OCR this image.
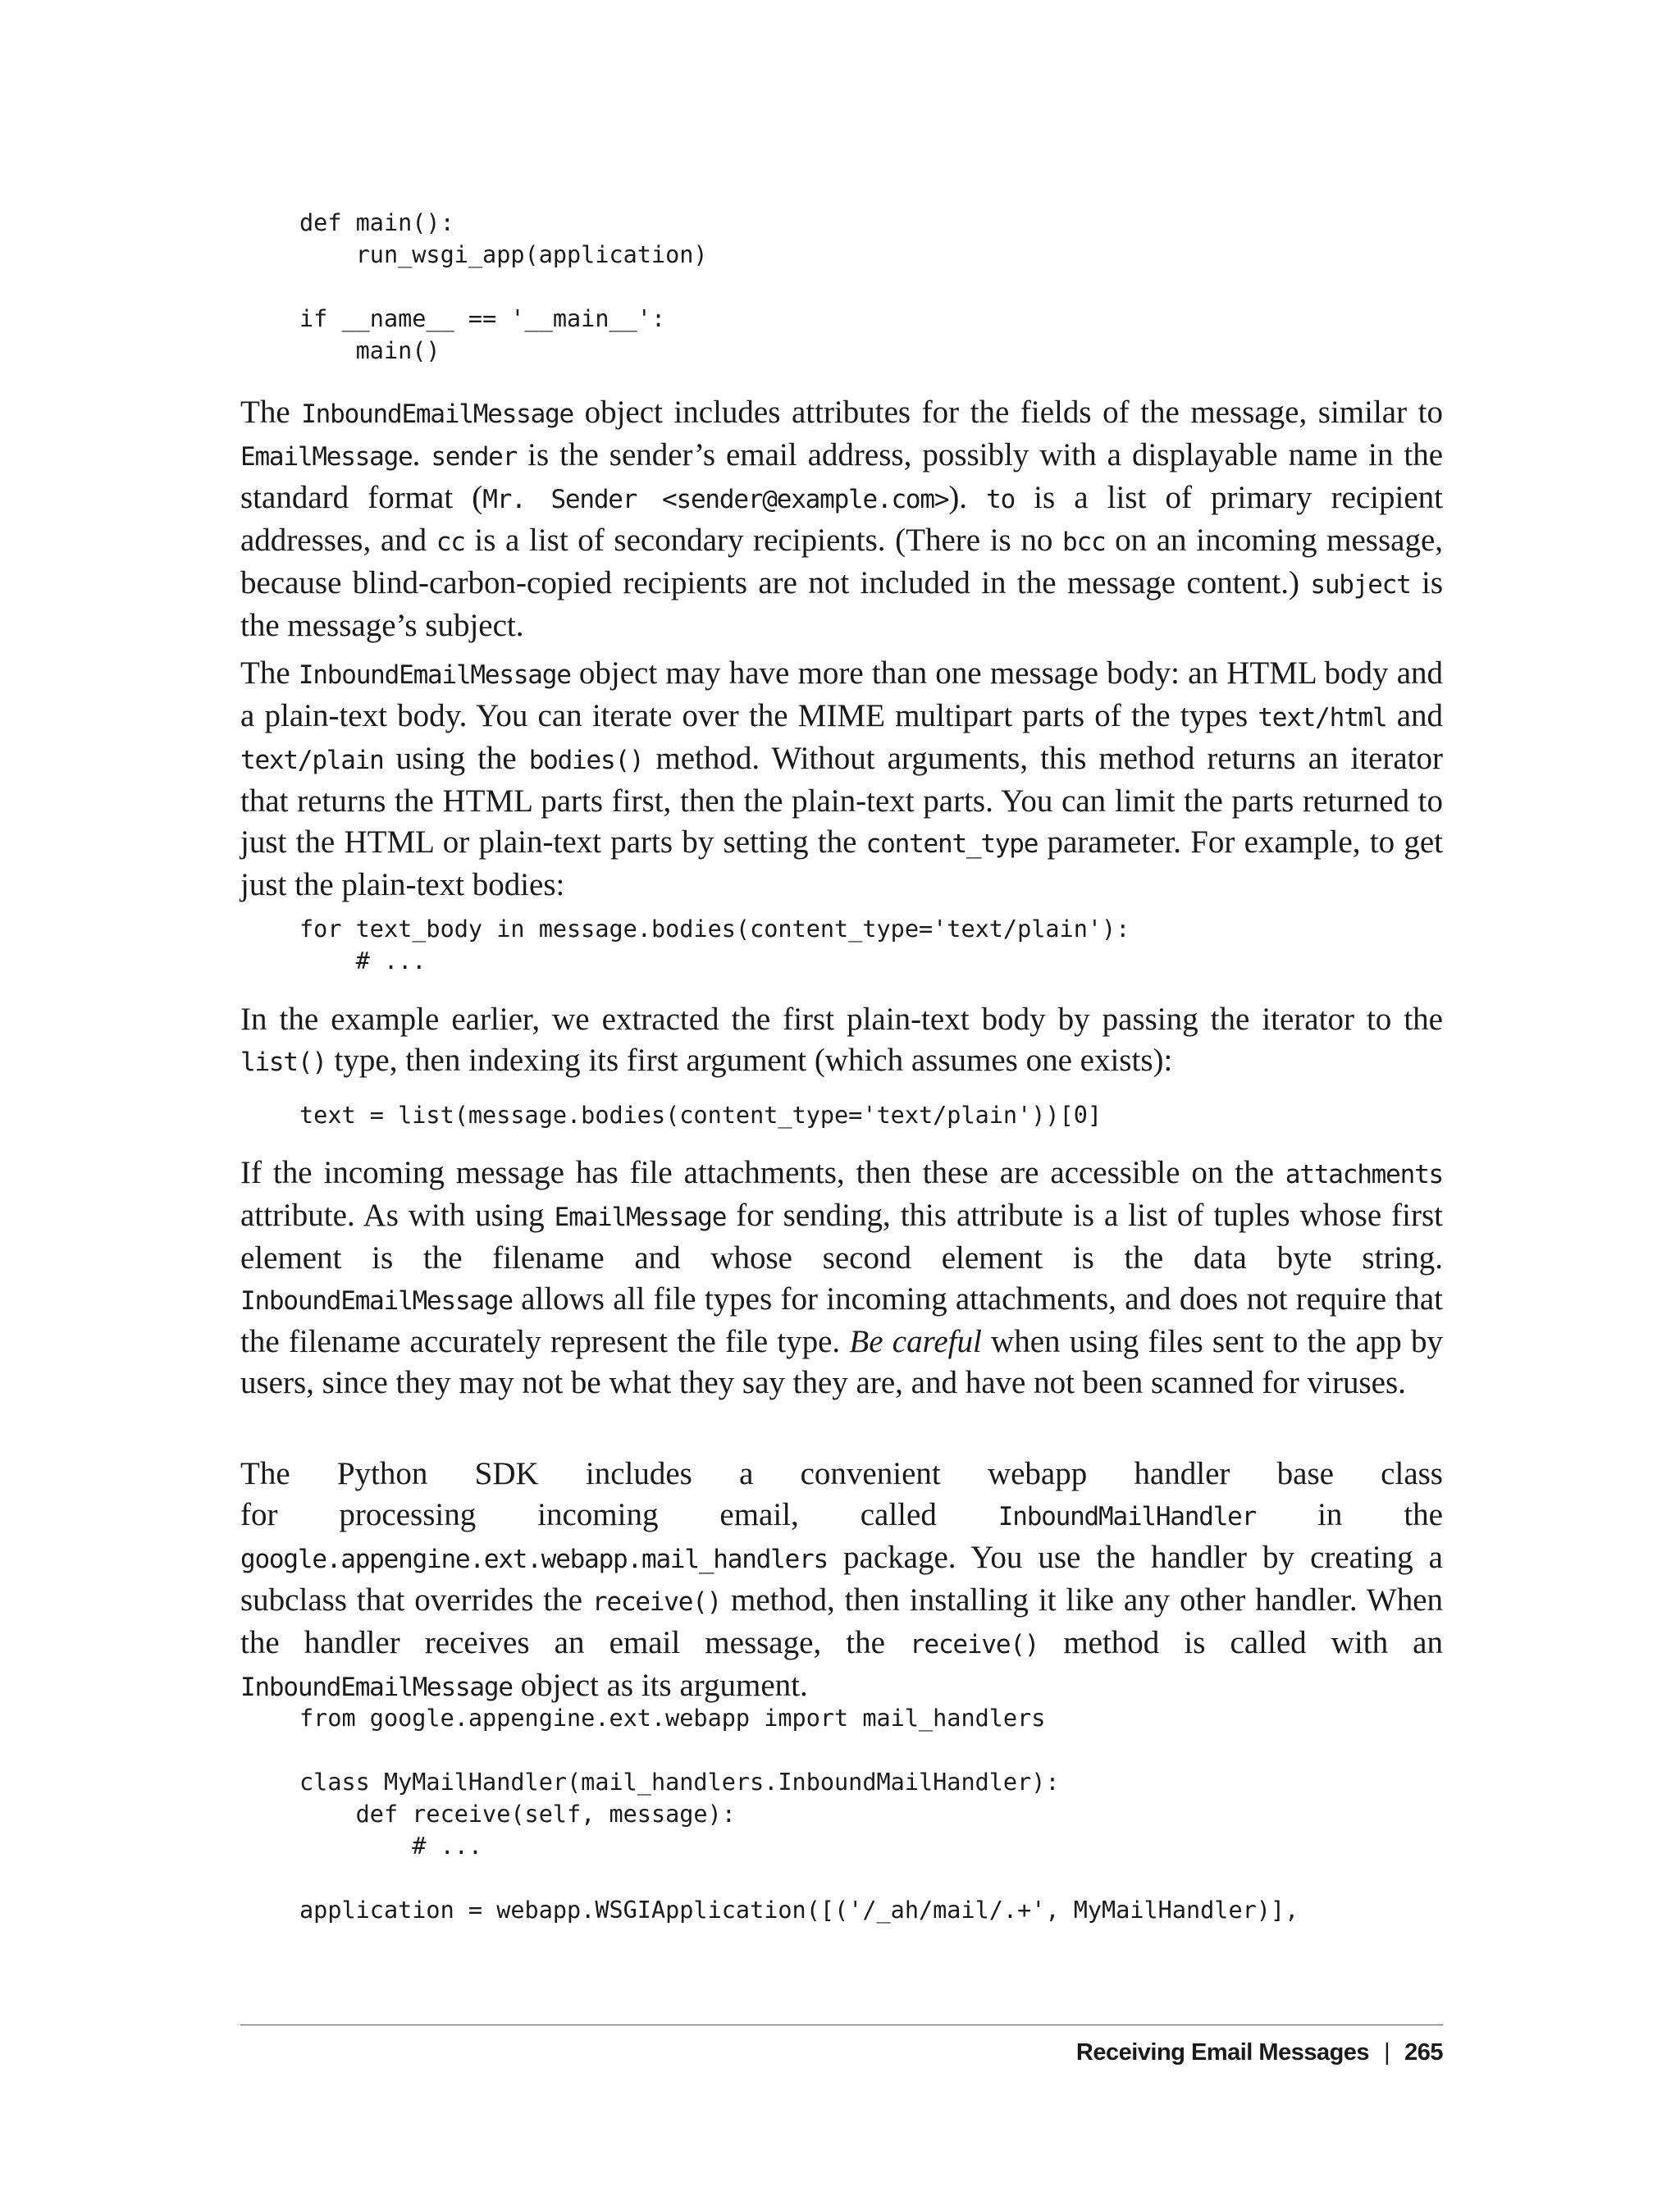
def main():
run_wsgi_app(application)

if __name__ == '__main__':
main()

The InboundEmailMessage object includes attributes for the fields of the message, similar to EmailMessage. sender is the sender’s email address, possibly with a displayable name in the standard format (Mr. Sender <sender@example.com>). to is a list of primary recipient addresses, and cc is a list of secondary recipients. (There is no bcc on an incoming message, because blind-carbon-copied recipients are not included in the message content.) subject is the message’s subject.

The InboundEmailMessage object may have more than one message body: an HTML body and a plain-text body. You can iterate over the MIME multipart parts of the types text/html and text/plain using the bodies() method. Without arguments, this method returns an iterator that returns the HTML parts first, then the plain-text parts. You can limit the parts returned to just the HTML or plain-text parts by setting the content_type parameter. For example, to get just the plain-text bodies:

for text_body in message.bodies(content_type='text/plain'):
# ...

In the example earlier, we extracted the first plain-text body by passing the iterator to the list() type, then indexing its first argument (which assumes one exists):

text = list(message.bodies(content_type='text/plain'))[0]

If the incoming message has file attachments, then these are accessible on the attachments attribute. As with using EmailMessage for sending, this attribute is a list of tuples whose first element is the filename and whose second element is the data byte string. InboundEmailMessage allows all file types for incoming attachments, and does not require that the filename accurately represent the file type. Be careful when using files sent to the app by users, since they may not be what they say they are, and have not been scanned for viruses.

The Python SDK includes a convenient webapp handler base class
for processing incoming email, called InboundMailHandler in the
google.appengine.ext.webapp.mail_handlers package. You use the handler by creating a subclass that overrides the receive() method, then installing it like any other handler. When the handler receives an email message, the receive() method is called with an InboundEmailMessage object as its argument.

from google.appengine.ext.webapp import mail_handlers

class MyMailHandler(mail_handlers.InboundMailHandler):
def receive(self, message):
# ...

application = webapp.WSGIApplication([('/_ah/mail/.+', MyMailHandler)],
Receiving Email Messages | 265
